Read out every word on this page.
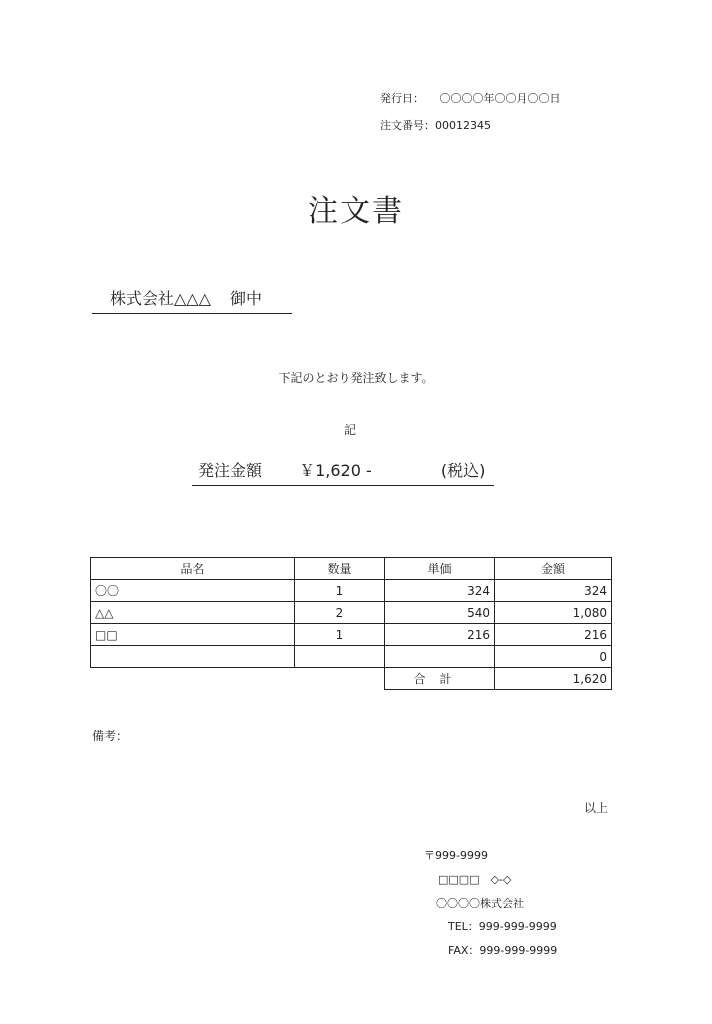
発行日： 〇〇〇〇年〇〇月〇〇日
注文番号：00012345
注文書
株式会社△△△ 御中
下記のとおり発注致します。
記
発注金額 ￥1,620 -	(税込)
品名	数量	単価	金額
〇〇	1	324	324
△△	2	540	1,080
□□	1	216	216
			0
		合計	1,620
備考：
以上
〒999-9999
□□□□　◇-◇
〇〇〇〇株式会社
TEL：999-999-9999
FAX：999-999-9999
